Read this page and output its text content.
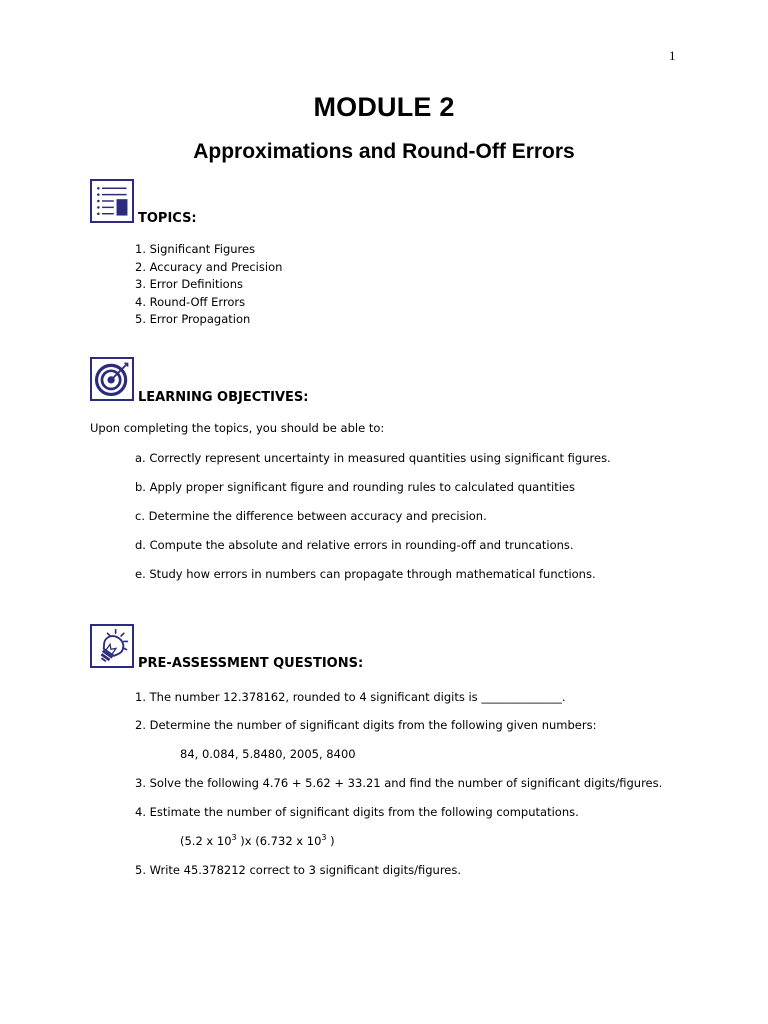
1
MODULE 2
Approximations and Round-Off Errors
TOPICS:
1. Significant Figures
2. Accuracy and Precision
3. Error Definitions
4. Round-Off Errors
5. Error Propagation
LEARNING OBJECTIVES:
Upon completing the topics, you should be able to:
a. Correctly represent uncertainty in measured quantities using significant figures.
b. Apply proper significant figure and rounding rules to calculated quantities
c. Determine the difference between accuracy and precision.
d. Compute the absolute and relative errors in rounding-off and truncations.
e. Study how errors in numbers can propagate through mathematical functions.
PRE-ASSESSMENT QUESTIONS:
1. The number 12.378162, rounded to 4 significant digits is ______________.
2. Determine the number of significant digits from the following given numbers:
84, 0.084, 5.8480, 2005, 8400
3. Solve the following 4.76 + 5.62 + 33.21 and find the number of significant digits/figures.
4. Estimate the number of significant digits from the following computations.
(5.2 x $10^3$ )x (6.732 x $10^3$ )
5. Write 45.378212 correct to 3 significant digits/figures.
